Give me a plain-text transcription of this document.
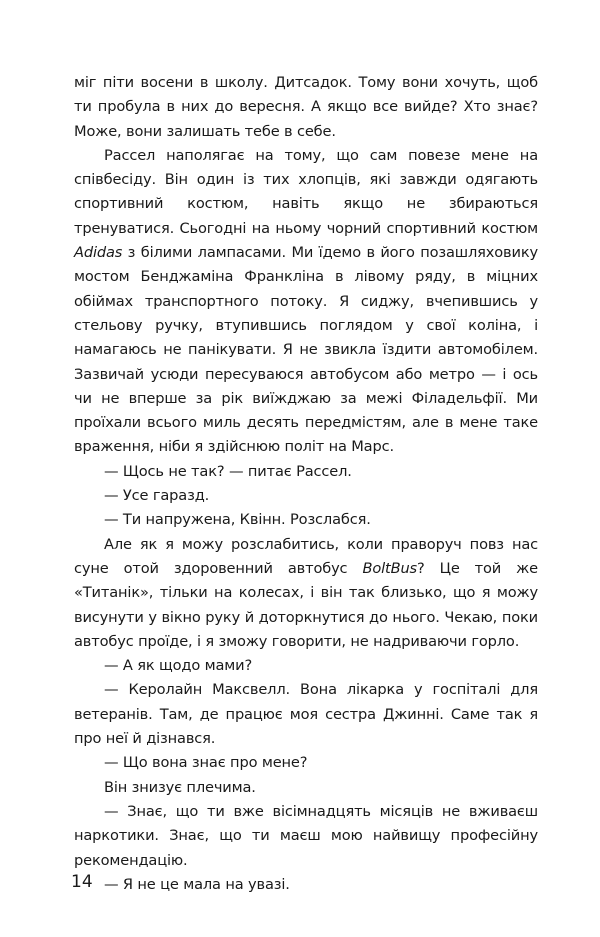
міг піти восени в школу. Дитсадок. Тому вони хочуть, щоб ти пробула в них до вересня. А якщо все вийде? Хто знає? Може, вони залишать тебе в себе.

Рассел наполягає на тому, що сам повезе мене на співбесіду. Він один із тих хлопців, які завжди одягають спортивний костюм, навіть якщо не збираються тренуватися. Сьогодні на ньому чорний спортивний костюм Adidas з білими лампасами. Ми їдемо в його позашляховику мостом Бенджаміна Франкліна в лівому ряду, в міцних обіймах транспортного потоку. Я сиджу, вчепившись у стельову ручку, втупившись поглядом у свої коліна, і намагаюсь не панікувати. Я не звикла їздити автомобілем. Зазвичай усюди пересуваюся автобусом або метро — і ось чи не вперше за рік виїжджаю за межі Філадельфії. Ми проїхали всього миль десять передмістям, але в мене таке враження, ніби я здійснюю політ на Марс.

— Щось не так? — питає Рассел.

— Усе гаразд.

— Ти напружена, Квінн. Розслабся.

Але як я можу розслабитись, коли праворуч повз нас суне отой здоровенний автобус BoltBus? Це той же «Титанік», тільки на колесах, і він так близько, що я можу висунути у вікно руку й доторкнутися до нього. Чекаю, поки автобус проїде, і я зможу говорити, не надриваючи горло.

— А як щодо мами?

— Керолайн Максвелл. Вона лікарка у госпіталі для ветеранів. Там, де працює моя сестра Джинні. Саме так я про неї й дізнався.

— Що вона знає про мене?

Він знизує плечима.

— Знає, що ти вже вісімнадцять місяців не вживаєш наркотики. Знає, що ти маєш мою найвищу професійну рекомендацію.

— Я не це мала на увазі.

14
